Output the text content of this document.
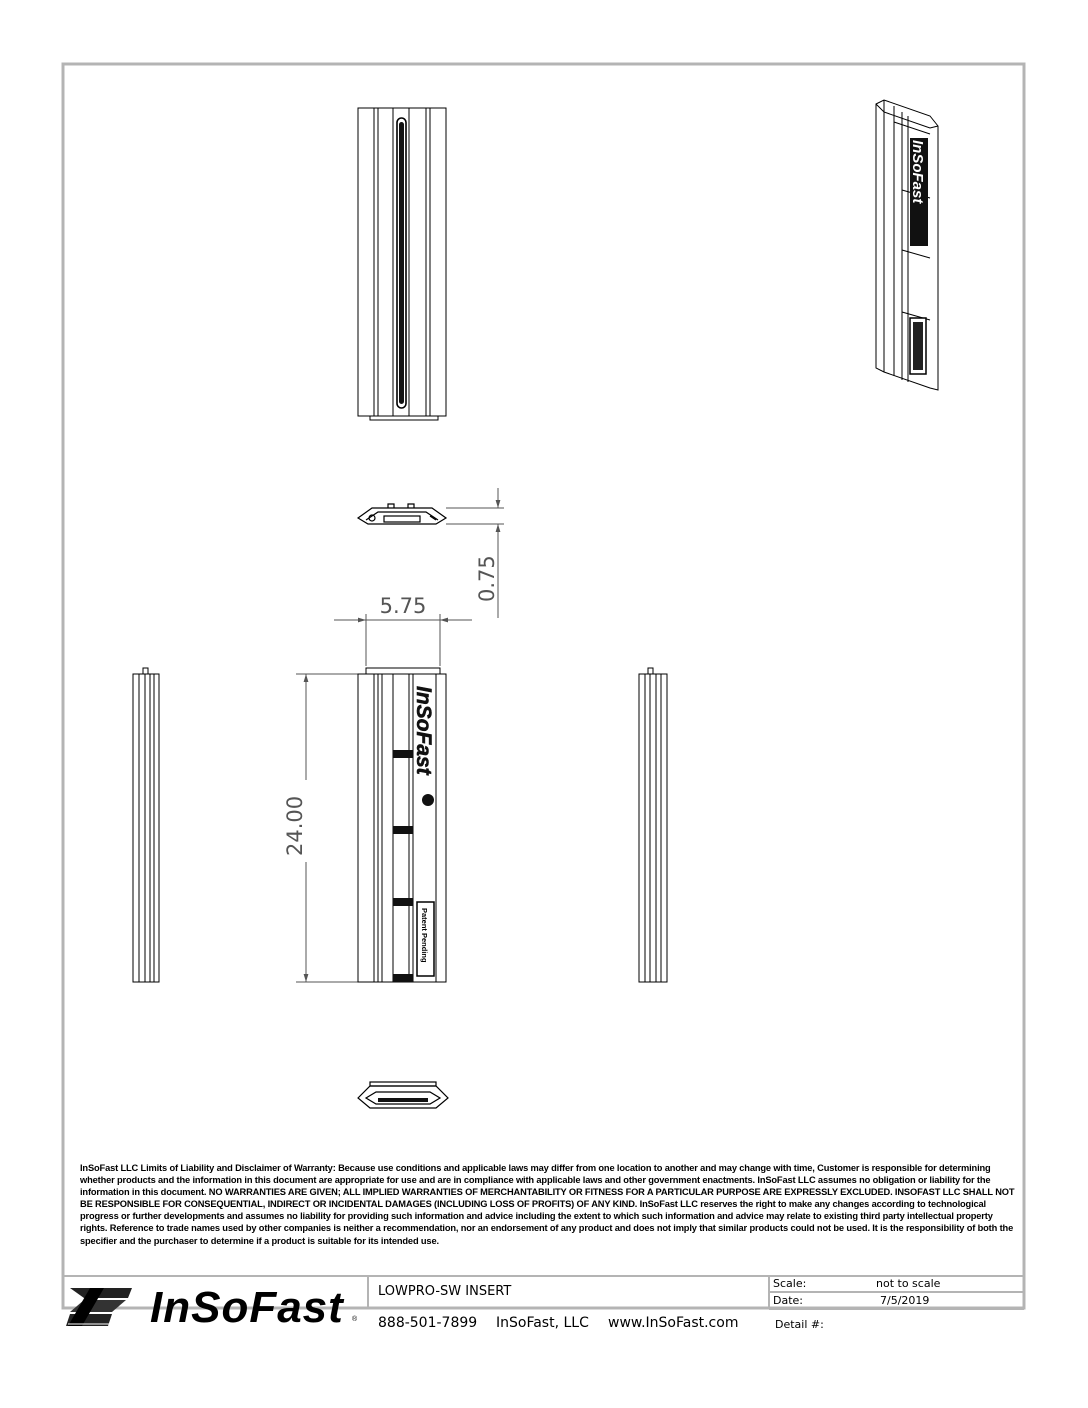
InSoFast
0.75
5.75
24.00
InSoFast
Patent Pending
InSoFast LLC Limits of Liability and Disclaimer of Warranty: Because use conditions and applicable laws may differ from one location to another and may change with time, Customer is responsible for determining whether products and the information in this document are appropriate for use and are in compliance with applicable laws and other government enactments. InSoFast LLC assumes no obligation or liability for the information in this document. NO WARRANTIES ARE GIVEN; ALL IMPLIED WARRANTIES OF MERCHANTABILITY OR FITNESS FOR A PARTICULAR PURPOSE ARE EXPRESSLY EXCLUDED. INSOFAST LLC SHALL NOT BE RESPONSIBLE FOR CONSEQUENTIAL, INDIRECT OR INCIDENTAL DAMAGES (INCLUDING LOSS OF PROFITS) OF ANY KIND. InSoFast LLC reserves the right to make any changes according to technological progress or further developments and assumes no liability for providing such information and advice including the extent to which such information and advice may relate to existing third party intellectual property rights. Reference to trade names used by other companies is neither a recommendation, nor an endorsement of any product and does not imply that similar products could not be used. It is the responsibility of both the specifier and the purchaser to determine if a product is suitable for its intended use.
InSoFast ®
LOWPRO-SW INSERT
888-501-7899 InSoFast, LLC www.InSoFast.com
Scale:	not to scale
Date:	7/5/2019
Detail #:
